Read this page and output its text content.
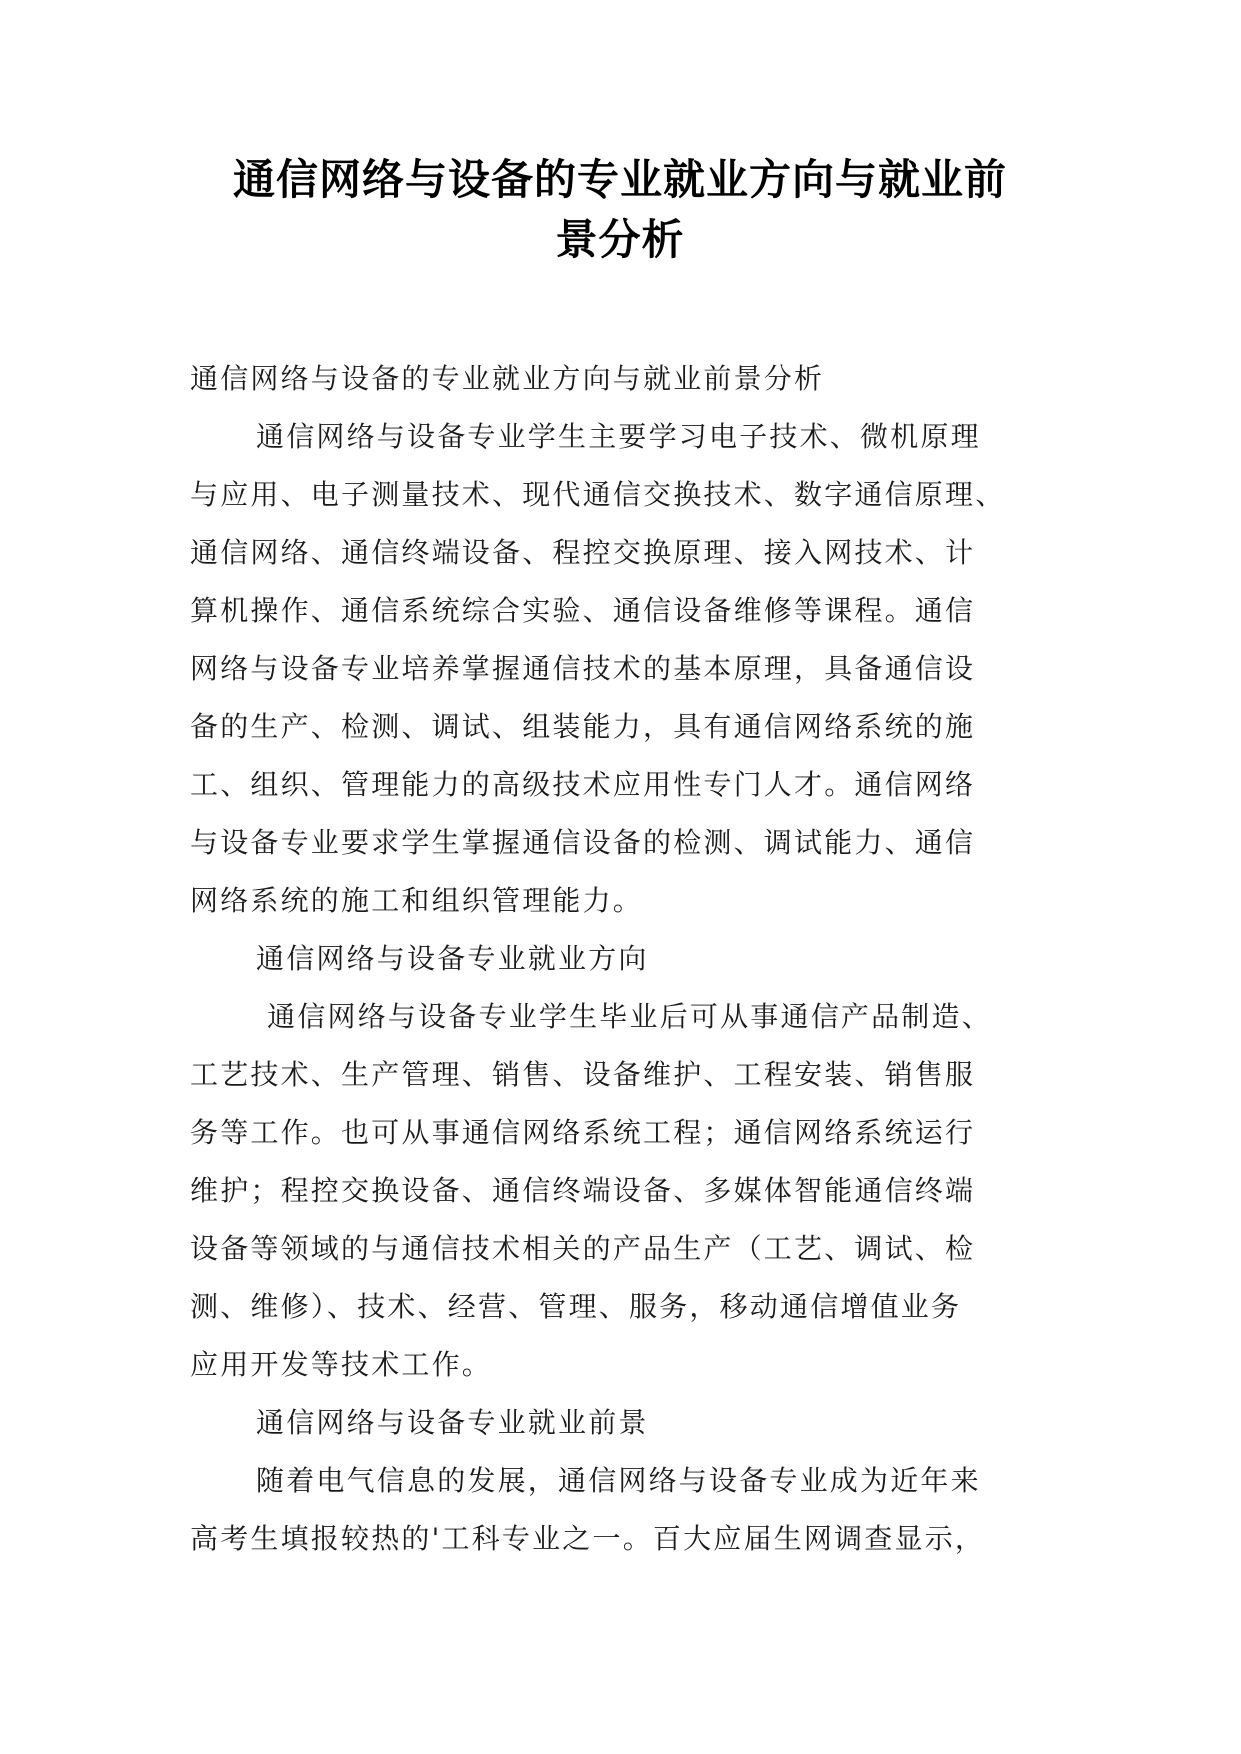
通信网络与设备的专业就业方向与就业前
景分析

通信网络与设备的专业就业方向与就业前景分析

通信网络与设备专业学生主要学习电子技术、微机原理
与应用、电子测量技术、现代通信交换技术、数字通信原理、
通信网络、通信终端设备、程控交换原理、接入网技术、计
算机操作、通信系统综合实验、通信设备维修等课程。通信
网络与设备专业培养掌握通信技术的基本原理，具备通信设
备的生产、检测、调试、组装能力，具有通信网络系统的施
工、组织、管理能力的高级技术应用性专门人才。通信网络
与设备专业要求学生掌握通信设备的检测、调试能力、通信
网络系统的施工和组织管理能力。

通信网络与设备专业就业方向

通信网络与设备专业学生毕业后可从事通信产品制造、
工艺技术、生产管理、销售、设备维护、工程安装、销售服
务等工作。也可从事通信网络系统工程；通信网络系统运行
维护；程控交换设备、通信终端设备、多媒体智能通信终端
设备等领域的与通信技术相关的产品生产（工艺、调试、检
测、维修）、技术、经营、管理、服务，移动通信增值业务
应用开发等技术工作。

通信网络与设备专业就业前景

随着电气信息的发展，通信网络与设备专业成为近年来
高考生填报较热的'工科专业之一。百大应届生网调查显示，
